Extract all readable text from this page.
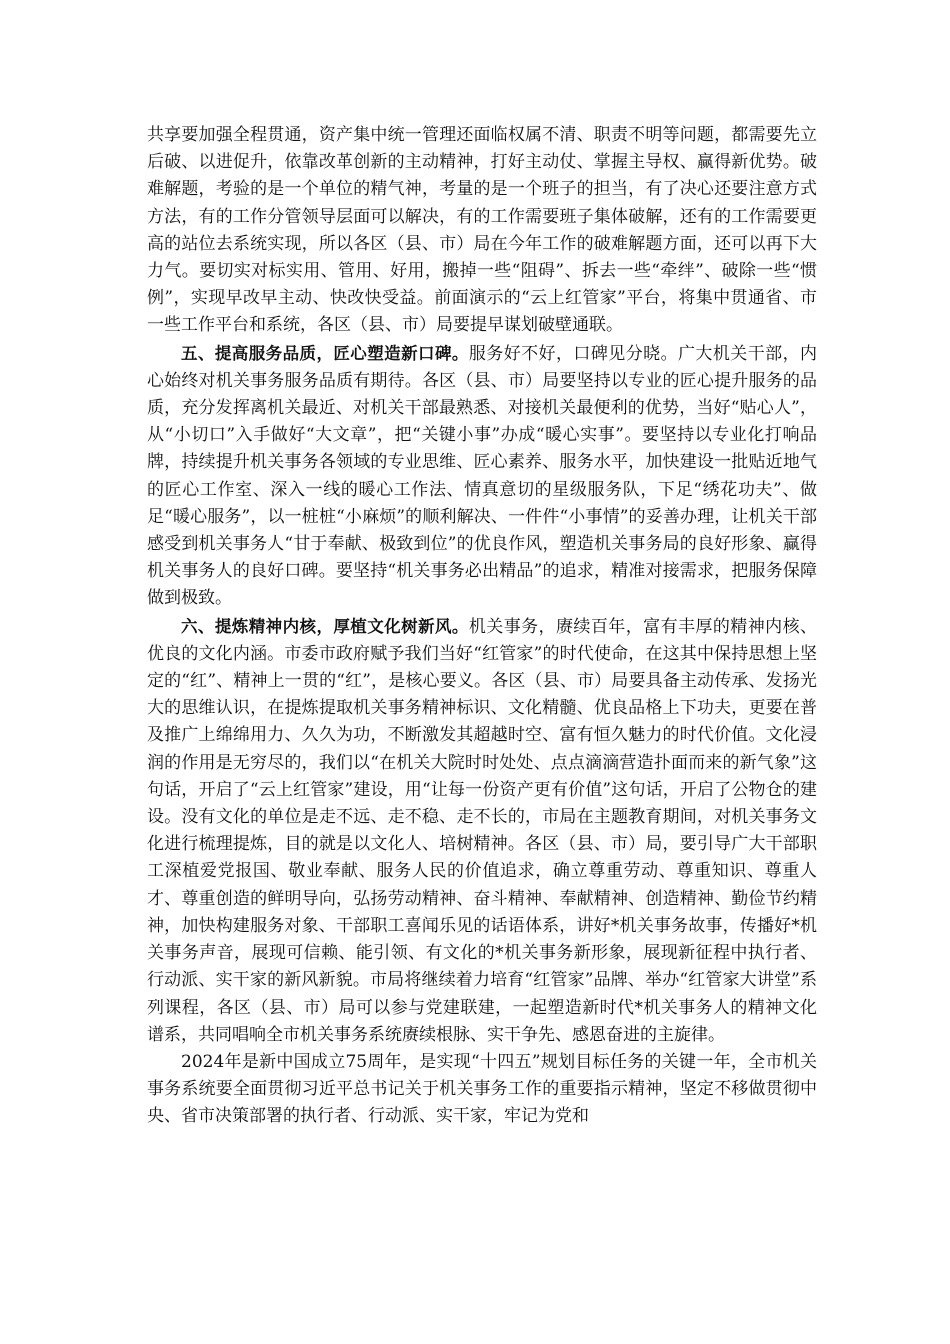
共享要加强全程贯通，资产集中统一管理还面临权属不清、职责不明等问题，都需要先立后破、以进促升，依靠改革创新的主动精神，打好主动仗、掌握主导权、赢得新优势。破难解题，考验的是一个单位的精气神，考量的是一个班子的担当，有了决心还要注意方式方法，有的工作分管领导层面可以解决，有的工作需要班子集体破解，还有的工作需要更高的站位去系统实现，所以各区（县、市）局在今年工作的破难解题方面，还可以再下大力气。要切实对标实用、管用、好用，搬掉一些“阻碍”、拆去一些“牵绊”、破除一些“惯例”，实现早改早主动、快改快受益。前面演示的“云上红管家”平台，将集中贯通省、市一些工作平台和系统，各区（县、市）局要提早谋划破壁通联。

五、提高服务品质，匠心塑造新口碑。服务好不好，口碑见分晓。广大机关干部，内心始终对机关事务服务品质有期待。各区（县、市）局要坚持以专业的匠心提升服务的品质，充分发挥离机关最近、对机关干部最熟悉、对接机关最便利的优势，当好“贴心人”，从“小切口”入手做好“大文章”，把“关键小事”办成“暖心实事”。要坚持以专业化打响品牌，持续提升机关事务各领域的专业思维、匠心素养、服务水平，加快建设一批贴近地气的匠心工作室、深入一线的暖心工作法、情真意切的星级服务队，下足“绣花功夫”、做足“暖心服务”，以一桩桩“小麻烦”的顺利解决、一件件“小事情”的妥善办理，让机关干部感受到机关事务人“甘于奉献、极致到位”的优良作风，塑造机关事务局的良好形象、赢得机关事务人的良好口碑。要坚持“机关事务必出精品”的追求，精准对接需求，把服务保障做到极致。

六、提炼精神内核，厚植文化树新风。机关事务，赓续百年，富有丰厚的精神内核、优良的文化内涵。市委市政府赋予我们当好“红管家”的时代使命，在这其中保持思想上坚定的“红”、精神上一贯的“红”，是核心要义。各区（县、市）局要具备主动传承、发扬光大的思维认识，在提炼提取机关事务精神标识、文化精髓、优良品格上下功夫，更要在普及推广上绵绵用力、久久为功，不断激发其超越时空、富有恒久魅力的时代价值。文化浸润的作用是无穷尽的，我们以“在机关大院时时处处、点点滴滴营造扑面而来的新气象”这句话，开启了“云上红管家”建设，用“让每一份资产更有价值”这句话，开启了公物仓的建设。没有文化的单位是走不远、走不稳、走不长的，市局在主题教育期间，对机关事务文化进行梳理提炼，目的就是以文化人、培树精神。各区（县、市）局，要引导广大干部职工深植爱党报国、敬业奉献、服务人民的价值追求，确立尊重劳动、尊重知识、尊重人才、尊重创造的鲜明导向，弘扬劳动精神、奋斗精神、奉献精神、创造精神、勤俭节约精神，加快构建服务对象、干部职工喜闻乐见的话语体系，讲好*机关事务故事，传播好*机关事务声音，展现可信赖、能引领、有文化的*机关事务新形象，展现新征程中执行者、行动派、实干家的新风新貌。市局将继续着力培育“红管家”品牌、举办“红管家大讲堂”系列课程，各区（县、市）局可以参与党建联建，一起塑造新时代*机关事务人的精神文化谱系，共同唱响全市机关事务系统赓续根脉、实干争先、感恩奋进的主旋律。

2024年是新中国成立75周年，是实现“十四五”规划目标任务的关键一年，全市机关事务系统要全面贯彻习近平总书记关于机关事务工作的重要指示精神，坚定不移做贯彻中央、省市决策部署的执行者、行动派、实干家，牢记为党和
